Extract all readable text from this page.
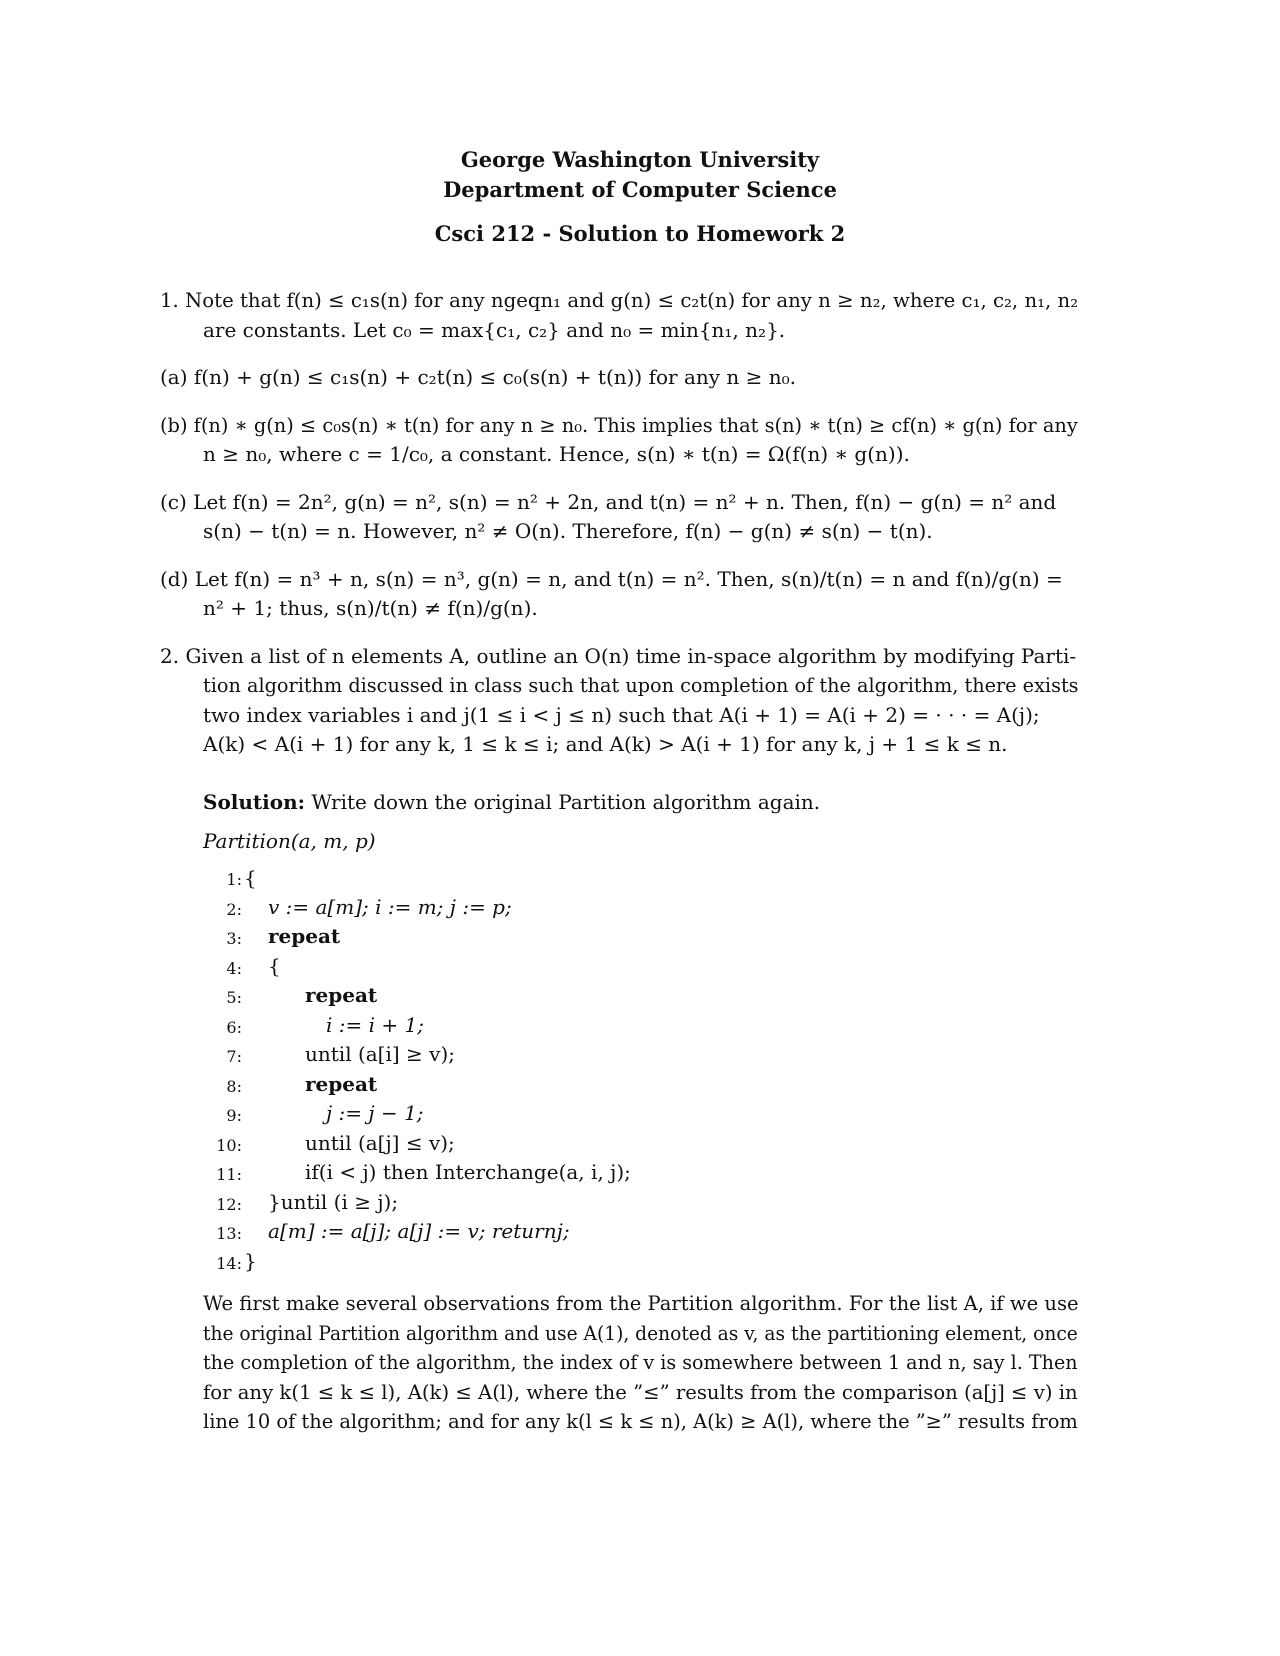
George Washington University
Department of Computer Science
Csci 212 - Solution to Homework 2
1. Note that f(n) ≤ c₁s(n) for any ngeqn₁ and g(n) ≤ c₂t(n) for any n ≥ n₂, where c₁, c₂, n₁, n₂
are constants. Let c₀ = max{c₁, c₂} and n₀ = min{n₁, n₂}.
(a) f(n) + g(n) ≤ c₁s(n) + c₂t(n) ≤ c₀(s(n) + t(n)) for any n ≥ n₀.
(b) f(n) ∗ g(n) ≤ c₀s(n) ∗ t(n) for any n ≥ n₀. This implies that s(n) ∗ t(n) ≥ cf(n) ∗ g(n) for any
n ≥ n₀, where c = 1/c₀, a constant. Hence, s(n) ∗ t(n) = Ω(f(n) ∗ g(n)).
(c) Let f(n) = 2n², g(n) = n², s(n) = n² + 2n, and t(n) = n² + n. Then, f(n) − g(n) = n² and
s(n) − t(n) = n. However, n² ≠ O(n). Therefore, f(n) − g(n) ≠ s(n) − t(n).
(d) Let f(n) = n³ + n, s(n) = n³, g(n) = n, and t(n) = n². Then, s(n)/t(n) = n and f(n)/g(n) =
n² + 1; thus, s(n)/t(n) ≠ f(n)/g(n).
2. Given a list of n elements A, outline an O(n) time in-space algorithm by modifying Parti-
tion algorithm discussed in class such that upon completion of the algorithm, there exists
two index variables i and j(1 ≤ i < j ≤ n) such that A(i + 1) = A(i + 2) = · · · = A(j);
A(k) < A(i + 1) for any k, 1 ≤ k ≤ i; and A(k) > A(i + 1) for any k, j + 1 ≤ k ≤ n.
Solution: Write down the original Partition algorithm again.
Partition(a, m, p)
1: {
2: v := a[m]; i := m; j := p;
3: repeat
4: {
5:	repeat
6:	i := i + 1;
7:	until (a[i] ≥ v);
8:	repeat
9:	j := j − 1;
10:	until (a[j] ≤ v);
11:	if(i < j) then Interchange(a, i, j);
12: }until (i ≥ j);
13: a[m] := a[j]; a[j] := v; returnj;
14: }
We first make several observations from the Partition algorithm. For the list A, if we use
the original Partition algorithm and use A(1), denoted as v, as the partitioning element, once
the completion of the algorithm, the index of v is somewhere between 1 and n, say l. Then
for any k(1 ≤ k ≤ l), A(k) ≤ A(l), where the ”≤” results from the comparison (a[j] ≤ v) in
line 10 of the algorithm; and for any k(l ≤ k ≤ n), A(k) ≥ A(l), where the ”≥” results from
